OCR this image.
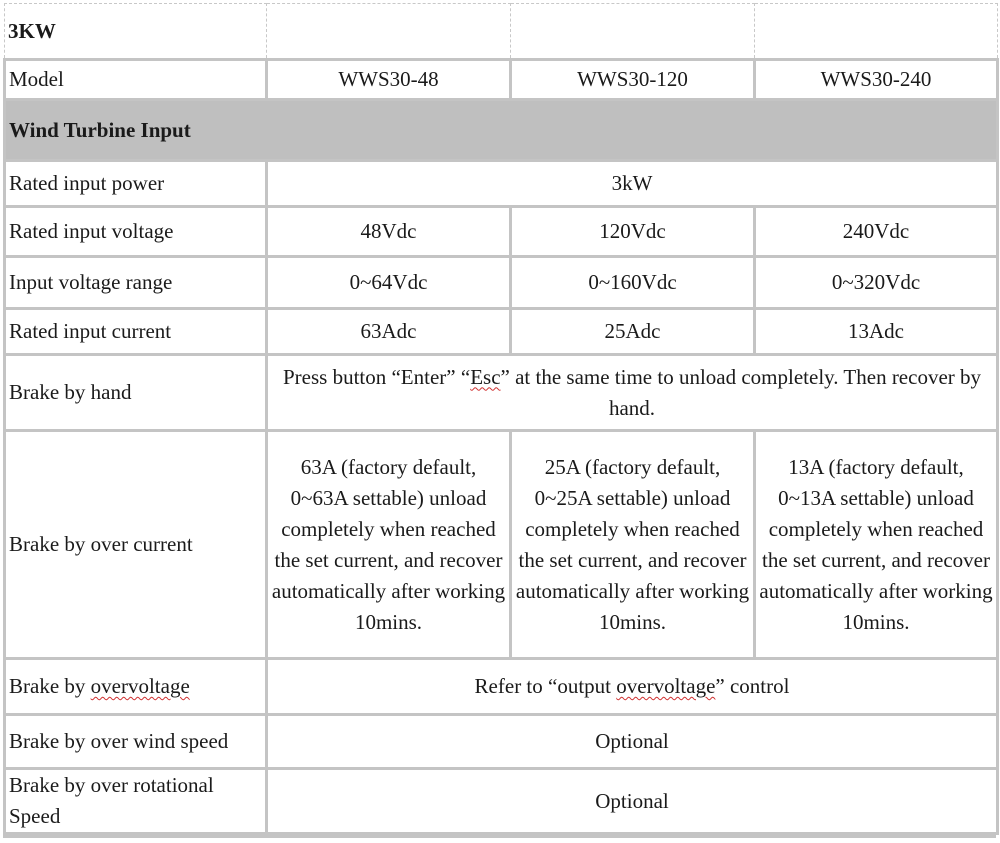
3KW			
Model	WWS30-48	WWS30-120	WWS30-240
Wind Turbine Input			
Rated input power	3kW		
Rated input voltage	48Vdc	120Vdc	240Vdc
Input voltage range	0~64Vdc	0~160Vdc	0~320Vdc
Rated input current	63Adc	25Adc	13Adc
Brake by hand	Press button “Enter” “Esc” at the same time to unload completely. Then recover by hand.		
Brake by over current	63A (factory default, 0~63A settable) unload completely when reached the set current, and recover automatically after working 10mins.	25A (factory default, 0~25A settable) unload completely when reached the set current, and recover automatically after working 10mins.	13A (factory default, 0~13A settable) unload completely when reached the set current, and recover automatically after working 10mins.
Brake by overvoltage	Refer to “output overvoltage” control		
Brake by over wind speed	Optional		
Brake by over rotational Speed	Optional		
